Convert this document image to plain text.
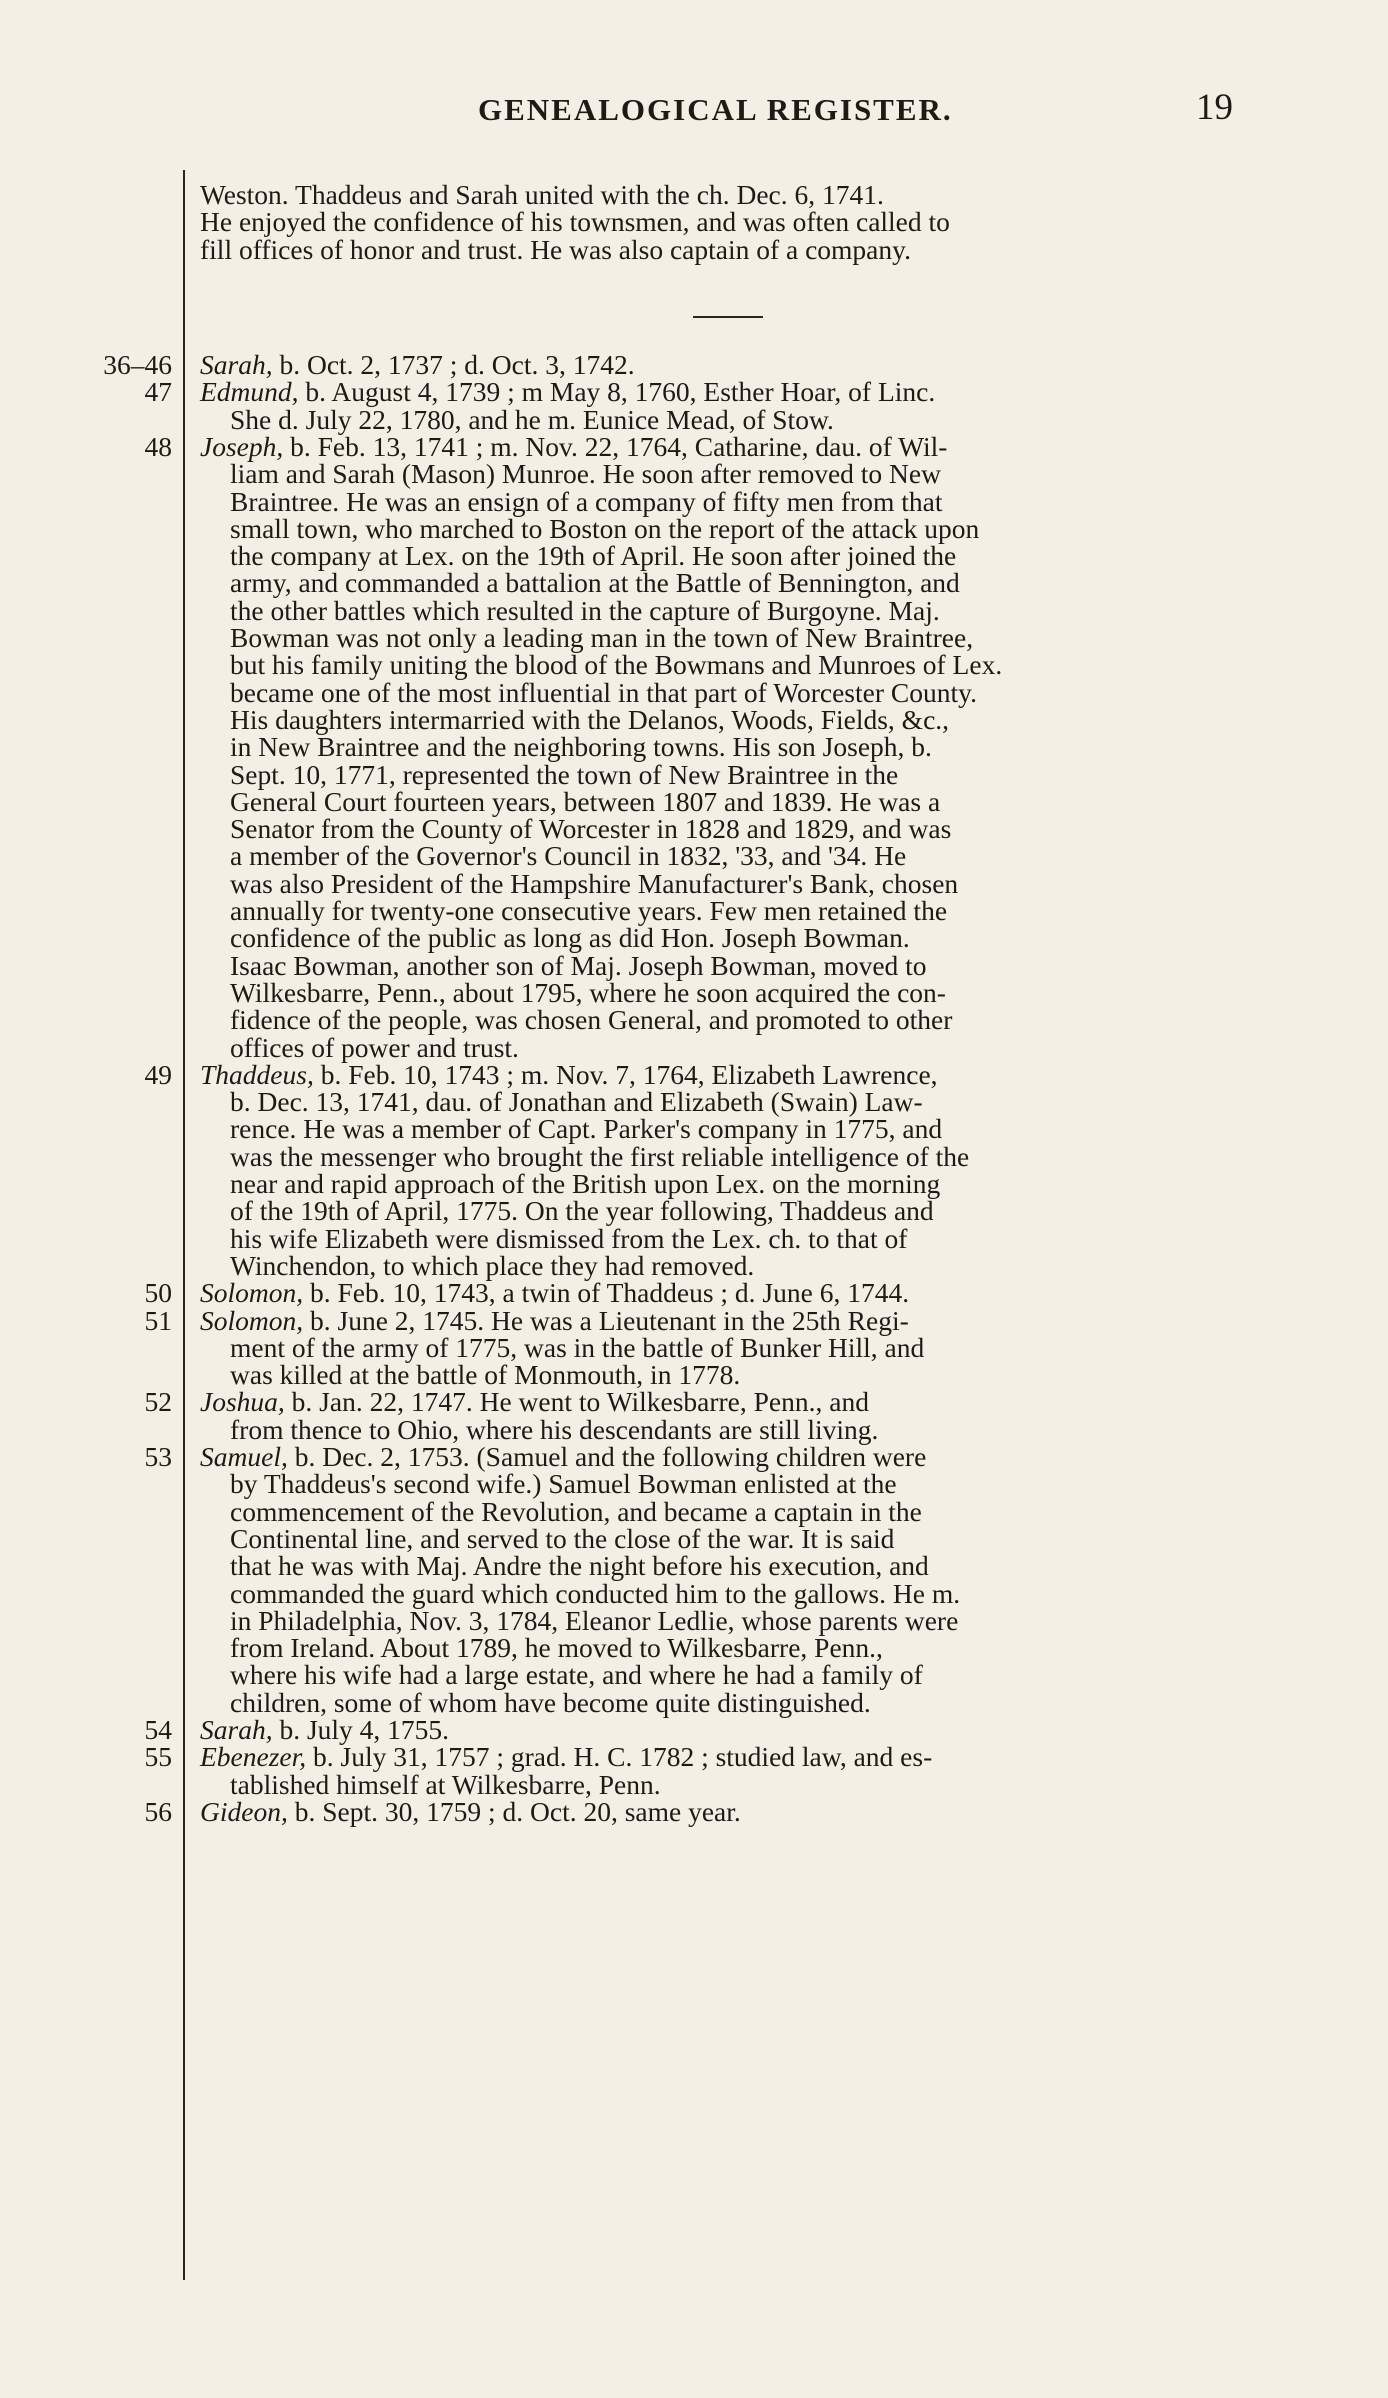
GENEALOGICAL REGISTER.	19
Weston. Thaddeus and Sarah united with the ch. Dec. 6, 1741.
He enjoyed the confidence of his townsmen, and was often called to
fill offices of honor and trust. He was also captain of a company.
36–46 Sarah, b. Oct. 2, 1737 ; d. Oct. 3, 1742.
47 Edmund, b. August 4, 1739 ; m May 8, 1760, Esther Hoar, of Linc.
She d. July 22, 1780, and he m. Eunice Mead, of Stow.
48 Joseph, b. Feb. 13, 1741 ; m. Nov. 22, 1764, Catharine, dau. of Wil-
liam and Sarah (Mason) Munroe. He soon after removed to New
Braintree. He was an ensign of a company of fifty men from that
small town, who marched to Boston on the report of the attack upon
the company at Lex. on the 19th of April. He soon after joined the
army, and commanded a battalion at the Battle of Bennington, and
the other battles which resulted in the capture of Burgoyne. Maj.
Bowman was not only a leading man in the town of New Braintree,
but his family uniting the blood of the Bowmans and Munroes of Lex.
became one of the most influential in that part of Worcester County.
His daughters intermarried with the Delanos, Woods, Fields, &c.,
in New Braintree and the neighboring towns. His son Joseph, b.
Sept. 10, 1771, represented the town of New Braintree in the
General Court fourteen years, between 1807 and 1839. He was a
Senator from the County of Worcester in 1828 and 1829, and was
a member of the Governor's Council in 1832, '33, and '34. He
was also President of the Hampshire Manufacturer's Bank, chosen
annually for twenty-one consecutive years. Few men retained the
confidence of the public as long as did Hon. Joseph Bowman.
Isaac Bowman, another son of Maj. Joseph Bowman, moved to
Wilkesbarre, Penn., about 1795, where he soon acquired the con-
fidence of the people, was chosen General, and promoted to other
offices of power and trust.
49 Thaddeus, b. Feb. 10, 1743 ; m. Nov. 7, 1764, Elizabeth Lawrence,
b. Dec. 13, 1741, dau. of Jonathan and Elizabeth (Swain) Law-
rence. He was a member of Capt. Parker's company in 1775, and
was the messenger who brought the first reliable intelligence of the
near and rapid approach of the British upon Lex. on the morning
of the 19th of April, 1775. On the year following, Thaddeus and
his wife Elizabeth were dismissed from the Lex. ch. to that of
Winchendon, to which place they had removed.
50 Solomon, b. Feb. 10, 1743, a twin of Thaddeus ; d. June 6, 1744.
51 Solomon, b. June 2, 1745. He was a Lieutenant in the 25th Regi-
ment of the army of 1775, was in the battle of Bunker Hill, and
was killed at the battle of Monmouth, in 1778.
52 Joshua, b. Jan. 22, 1747. He went to Wilkesbarre, Penn., and
from thence to Ohio, where his descendants are still living.
53 Samuel, b. Dec. 2, 1753. (Samuel and the following children were
by Thaddeus's second wife.) Samuel Bowman enlisted at the
commencement of the Revolution, and became a captain in the
Continental line, and served to the close of the war. It is said
that he was with Maj. Andre the night before his execution, and
commanded the guard which conducted him to the gallows. He m.
in Philadelphia, Nov. 3, 1784, Eleanor Ledlie, whose parents were
from Ireland. About 1789, he moved to Wilkesbarre, Penn.,
where his wife had a large estate, and where he had a family of
children, some of whom have become quite distinguished.
54 Sarah, b. July 4, 1755.
55 Ebenezer, b. July 31, 1757 ; grad. H. C. 1782 ; studied law, and es-
tablished himself at Wilkesbarre, Penn.
56 Gideon, b. Sept. 30, 1759 ; d. Oct. 20, same year.
